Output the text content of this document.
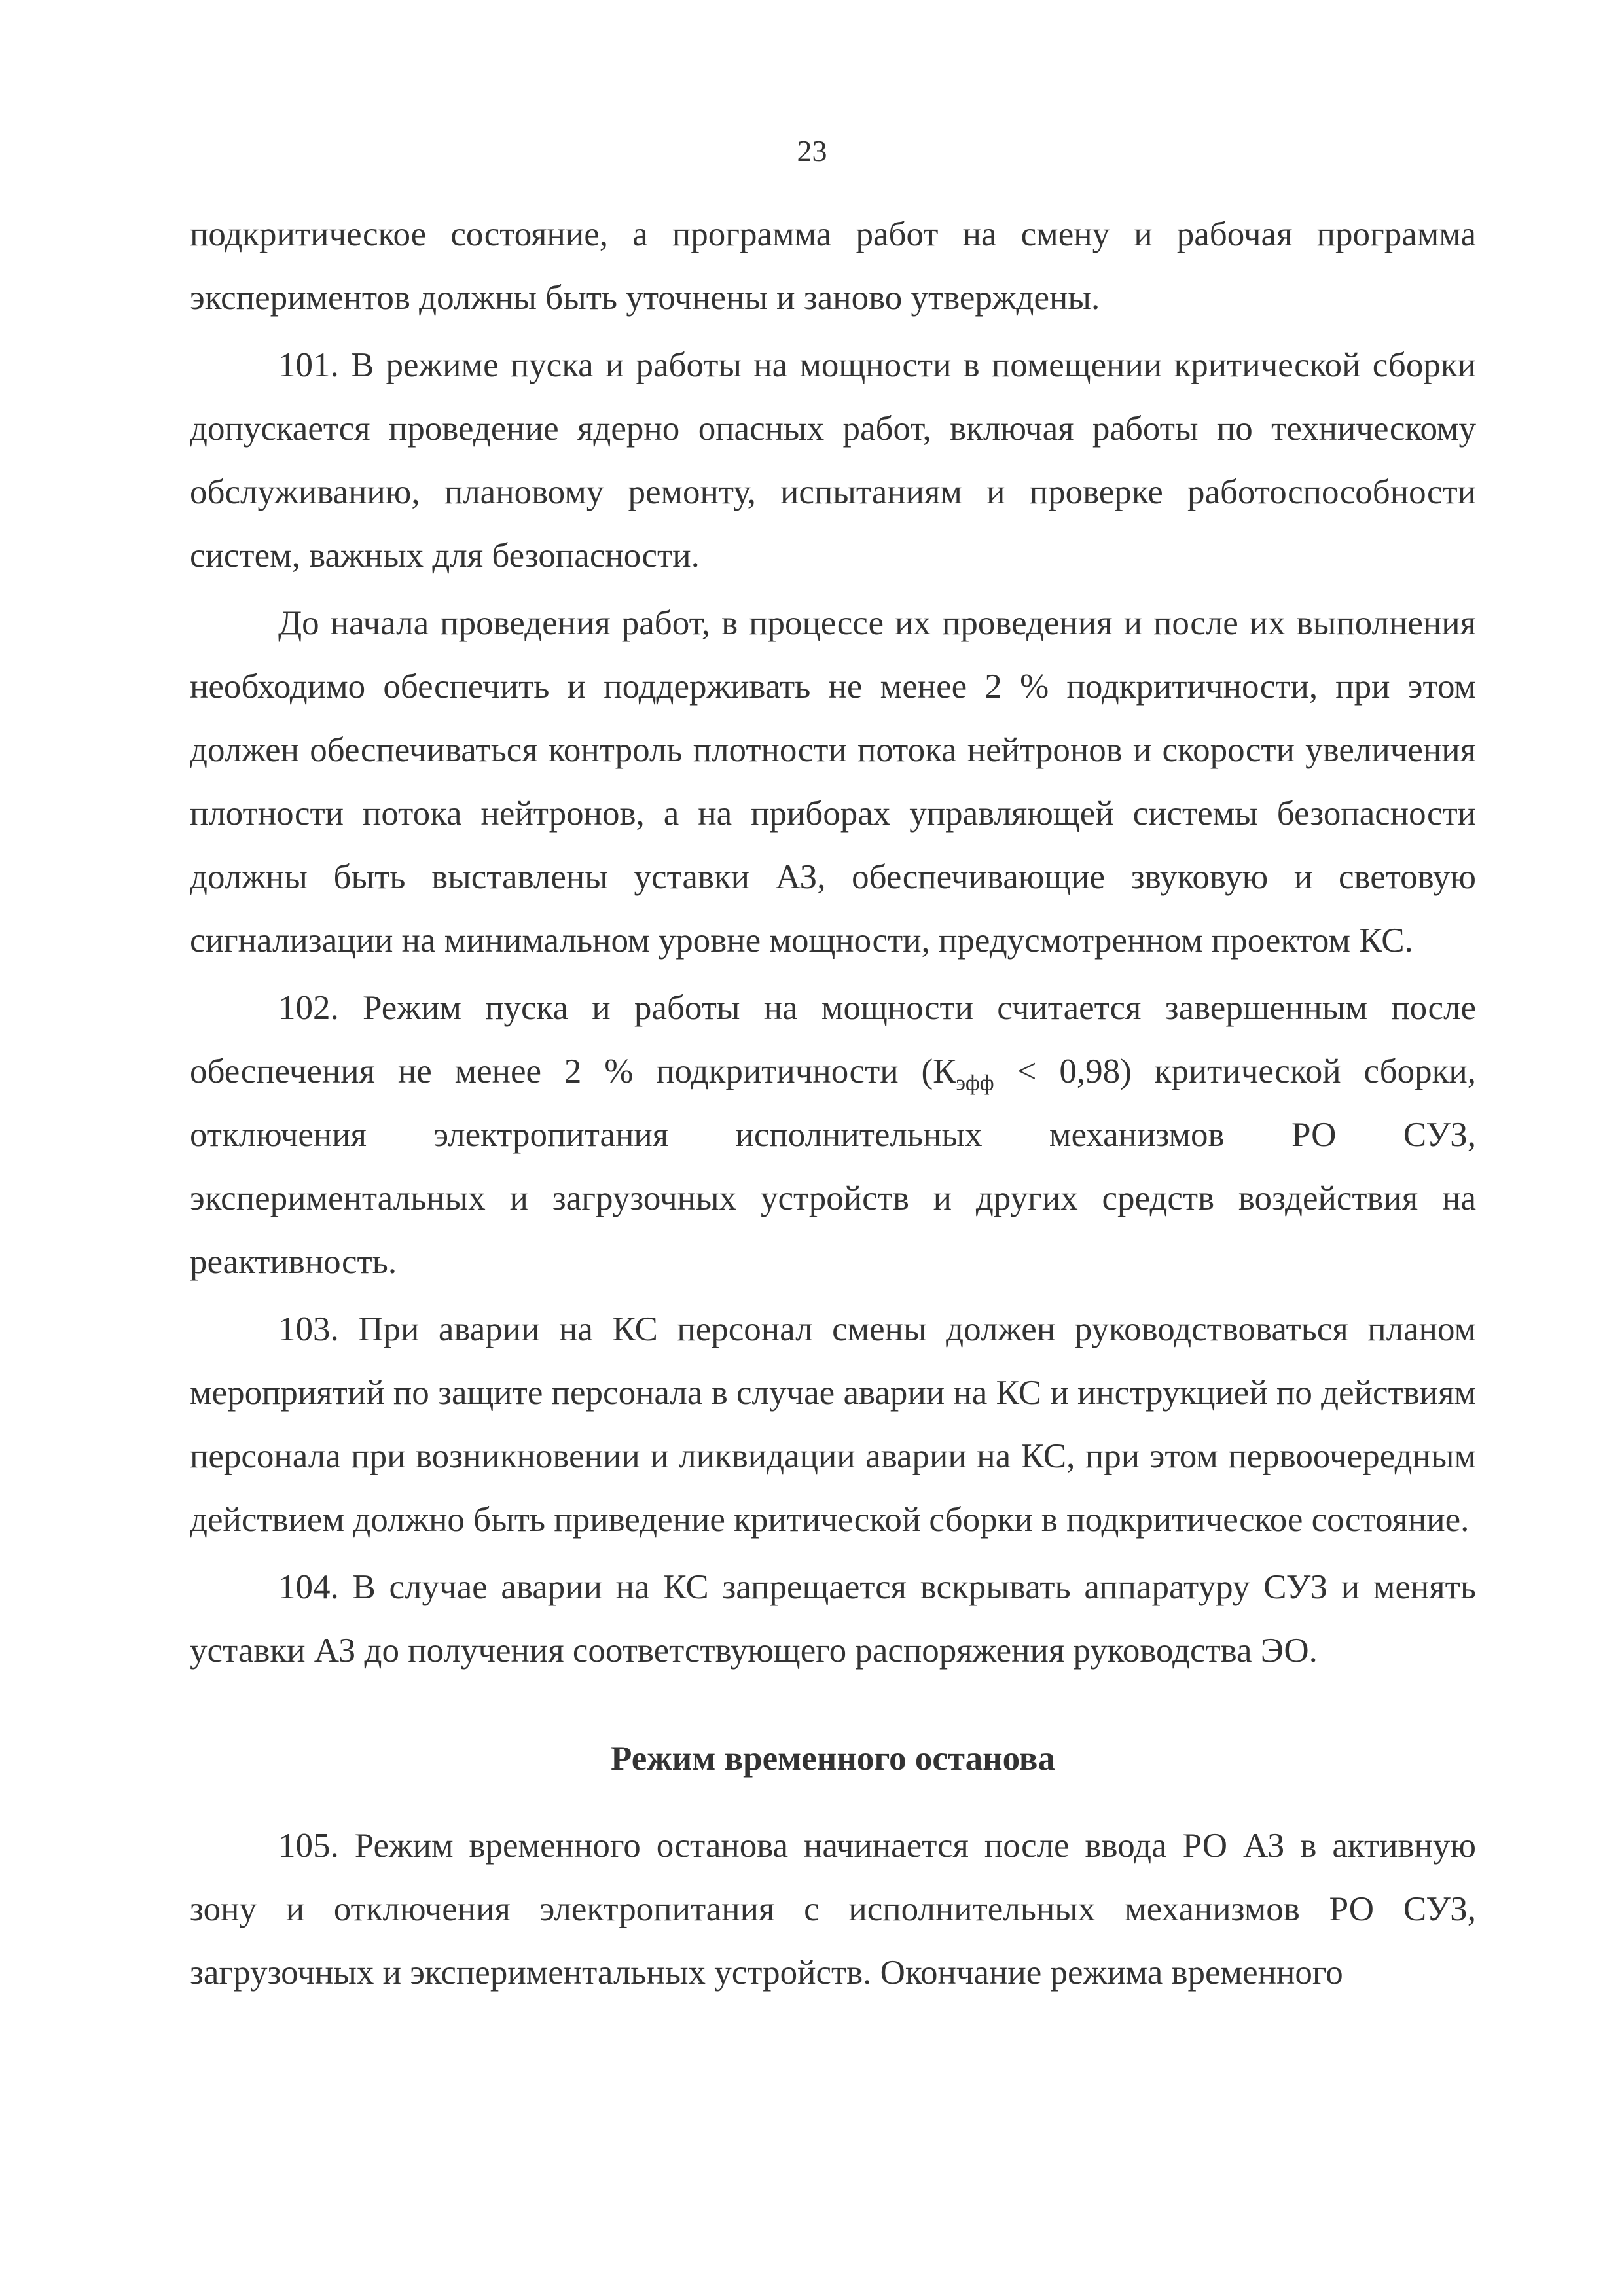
23

подкритическое состояние, а программа работ на смену и рабочая программа экспериментов должны быть уточнены и заново утверждены.

101. В режиме пуска и работы на мощности в помещении критической сборки допускается проведение ядерно опасных работ, включая работы по техническому обслуживанию, плановому ремонту, испытаниям и проверке работоспособности систем, важных для безопасности.

До начала проведения работ, в процессе их проведения и после их выполнения необходимо обеспечить и поддерживать не менее 2 % подкритичности, при этом должен обеспечиваться контроль плотности потока нейтронов и скорости увеличения плотности потока нейтронов, а на приборах управляющей системы безопасности должны быть выставлены уставки АЗ, обеспечивающие звуковую и световую сигнализации на минимальном уровне мощности, предусмотренном проектом КС.

102. Режим пуска и работы на мощности считается завершенным после обеспечения не менее 2 % подкритичности $(К_{эфф} < 0,98)$ критической сборки, отключения электропитания исполнительных механизмов РО СУЗ, экспериментальных и загрузочных устройств и других средств воздействия на реактивность.

103. При аварии на КС персонал смены должен руководствоваться планом мероприятий по защите персонала в случае аварии на КС и инструкцией по действиям персонала при возникновении и ликвидации аварии на КС, при этом первоочередным действием должно быть приведение критической сборки в подкритическое состояние.

104. В случае аварии на КС запрещается вскрывать аппаратуру СУЗ и менять уставки АЗ до получения соответствующего распоряжения руководства ЭО.

Режим временного останова

105. Режим временного останова начинается после ввода РО АЗ в активную зону и отключения электропитания с исполнительных механизмов РО СУЗ, загрузочных и экспериментальных устройств. Окончание режима временного
